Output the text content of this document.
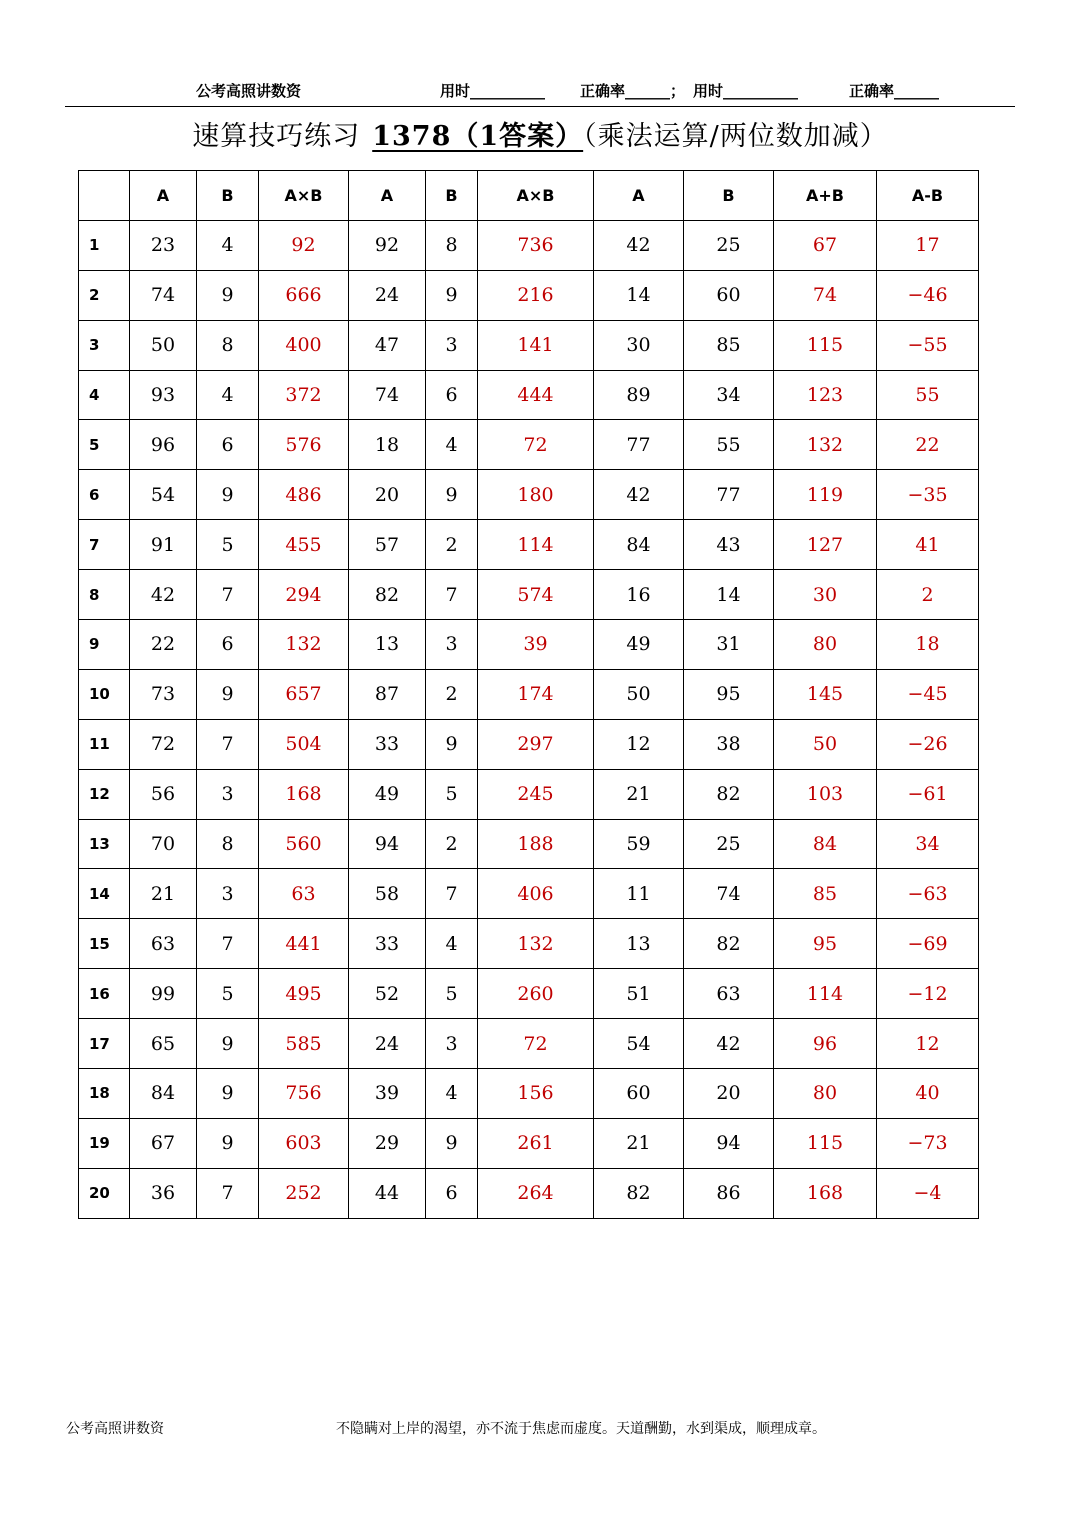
公考高照讲数资	用时__________ 正确率______； 用时__________	正确率______
速算技巧练习 1378（1答案）（乘法运算/两位数加减）
	A	B	A×B	A	B	A×B	A	B	A+B	A-B
1	23	4	92	92	8	736	42	25	67	17
2	74	9	666	24	9	216	14	60	74	−46
3	50	8	400	47	3	141	30	85	115	−55
4	93	4	372	74	6	444	89	34	123	55
5	96	6	576	18	4	72	77	55	132	22
6	54	9	486	20	9	180	42	77	119	−35
7	91	5	455	57	2	114	84	43	127	41
8	42	7	294	82	7	574	16	14	30	2
9	22	6	132	13	3	39	49	31	80	18
10	73	9	657	87	2	174	50	95	145	−45
11	72	7	504	33	9	297	12	38	50	−26
12	56	3	168	49	5	245	21	82	103	−61
13	70	8	560	94	2	188	59	25	84	34
14	21	3	63	58	7	406	11	74	85	−63
15	63	7	441	33	4	132	13	82	95	−69
16	99	5	495	52	5	260	51	63	114	−12
17	65	9	585	24	3	72	54	42	96	12
18	84	9	756	39	4	156	60	20	80	40
19	67	9	603	29	9	261	21	94	115	−73
20	36	7	252	44	6	264	82	86	168	−4
公考高照讲数资	不隐瞒对上岸的渴望，亦不流于焦虑而虚度。天道酬勤，水到渠成，顺理成章。
